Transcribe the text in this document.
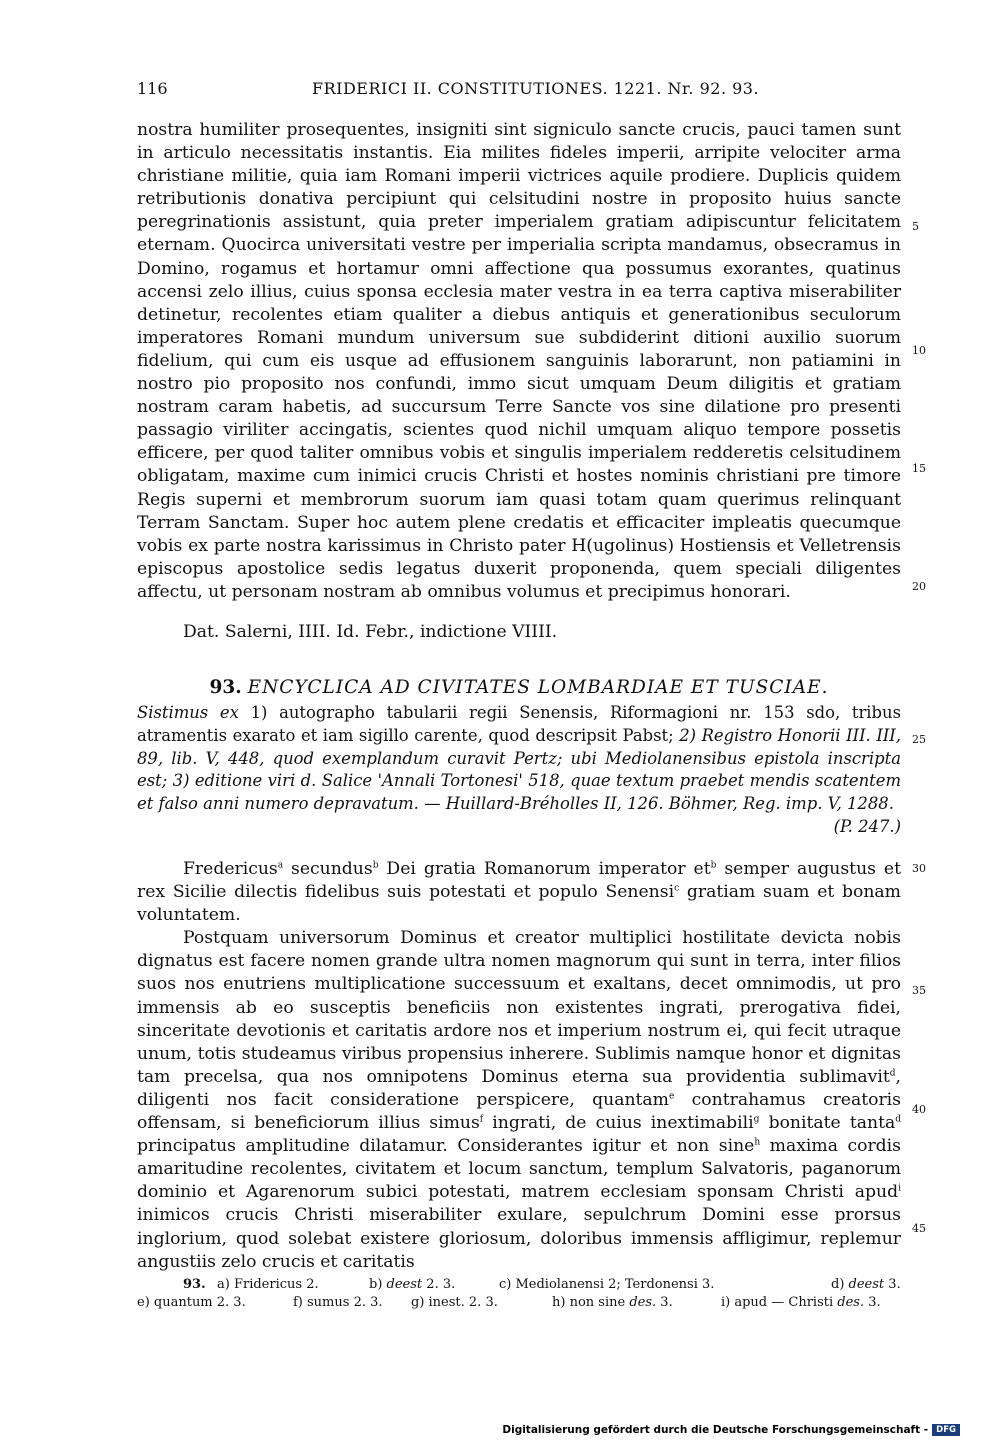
116	FRIDERICI II. CONSTITUTIONES. 1221. Nr. 92. 93.

nostra humiliter prosequentes, insigniti sint signiculo sancte crucis, pauci tamen sunt in articulo necessitatis instantis. Eia milites fideles imperii, arripite velociter arma christiane militie, quia iam Romani imperii victrices aquile prodiere. Duplicis quidem retributionis donativa percipiunt qui celsitudini nostre in proposito huius sancte peregrinationis assistunt, quia preter imperialem gratiam adipiscuntur felicitatem eternam. Quocirca universitati vestre per imperialia scripta mandamus, obsecramus in Domino, rogamus et hortamur omni affectione qua possumus exorantes, quatinus accensi zelo illius, cuius sponsa ecclesia mater vestra in ea terra captiva miserabiliter detinetur, recolentes etiam qualiter a diebus antiquis et generationibus seculorum imperatores Romani mundum universum sue subdiderint ditioni auxilio suorum fidelium, qui cum eis usque ad effusionem sanguinis laborarunt, non patiamini in nostro pio proposito nos confundi, immo sicut umquam Deum diligitis et gratiam nostram caram habetis, ad succursum Terre Sancte vos sine dilatione pro presenti passagio viriliter accingatis, scientes quod nichil umquam aliquo tempore possetis efficere, per quod taliter omnibus vobis et singulis imperialem redderetis celsitudinem obligatam, maxime cum inimici crucis Christi et hostes nominis christiani pre timore Regis superni et membrorum suorum iam quasi totam quam querimus relinquant Terram Sanctam. Super hoc autem plene credatis et efficaciter impleatis quecumque vobis ex parte nostra karissimus in Christo pater H(ugolinus) Hostiensis et Velletrensis episcopus apostolice sedis legatus duxerit proponenda, quem speciali diligentes affectu, ut personam nostram ab omnibus volumus et precipimus honorari.

Dat. Salerni, IIII. Id. Febr., indictione VIIII.
93. ENCYCLICA AD CIVITATES LOMBARDIAE ET TUSCIAE.
Sistimus ex 1) autographo tabularii regii Senensis, Riformagioni nr. 153 sdo, tribus atramentis exarato et iam sigillo carente, quod descripsit Pabst; 2) Registro Honorii III. III, 89, lib. V, 448, quod exemplandum curavit Pertz; ubi Mediolanensibus epistola inscripta est; 3) editione viri d. Salice 'Annali Tortonesi' 518, quae textum praebet mendis scatentem et falso anni numero depravatum. — Huillard-Bréholles II, 126. Böhmer, Reg. imp. V, 1288.
(P. 247.)

Fredericus$^a$ secundus$^b$ Dei gratia Romanorum imperator $et^b$ semper augustus et rex Sicilie dilectis fidelibus suis potestati et populo Senensi$^c$ gratiam suam et bonam voluntatem.

Postquam universorum Dominus et creator multiplici hostilitate devicta nobis dignatus est facere nomen grande ultra nomen magnorum qui sunt in terra, inter filios suos nos enutriens multiplicatione successuum et exaltans, decet omnimodis, ut pro immensis ab eo susceptis beneficiis non existentes ingrati, prerogativa fidei, sinceritate devotionis et caritatis ardore nos et imperium nostrum ei, qui fecit utraque unum, totis studeamus viribus propensius inherere. Sublimis namque honor et dignitas tam precelsa, qua nos omnipotens Dominus eterna sua providentia sublimavit$^d$, diligenti nos facit consideratione perspicere, quantam$^e$ contrahamus creatoris offensam, si beneficiorum illius simus$^f$ ingrati, de cuius inextimabili$^g$ bonitate tanta$^d$ principatus amplitudine dilatamur. Considerantes igitur et non sine$^h$ maxima cordis amaritudine recolentes, civitatem et locum sanctum, templum Salvatoris, paganorum dominio et Agarenorum subici potestati, matrem ecclesiam sponsam Christi apud$^i$ inimicos crucis Christi miserabiliter exulare, sepulchrum Domini esse prorsus inglorium, quod solebat existere gloriosum, doloribus immensis affligimur, replemur angustiis zelo crucis et caritatis

5
10
15
20
25
30
35
40
45
93. a) Fridericus 2.	b) deest 2. 3.	c) Mediolanensi 2; Terdonensi 3.	d) deest 3.
e) quantum 2. 3.	f) sumus 2. 3. g) inest. 2. 3.	h) non sine des. 3.	i) apud — Christi des. 3.
Digitalisierung gefördert durch die Deutsche Forschungsgemeinschaft - DFG
